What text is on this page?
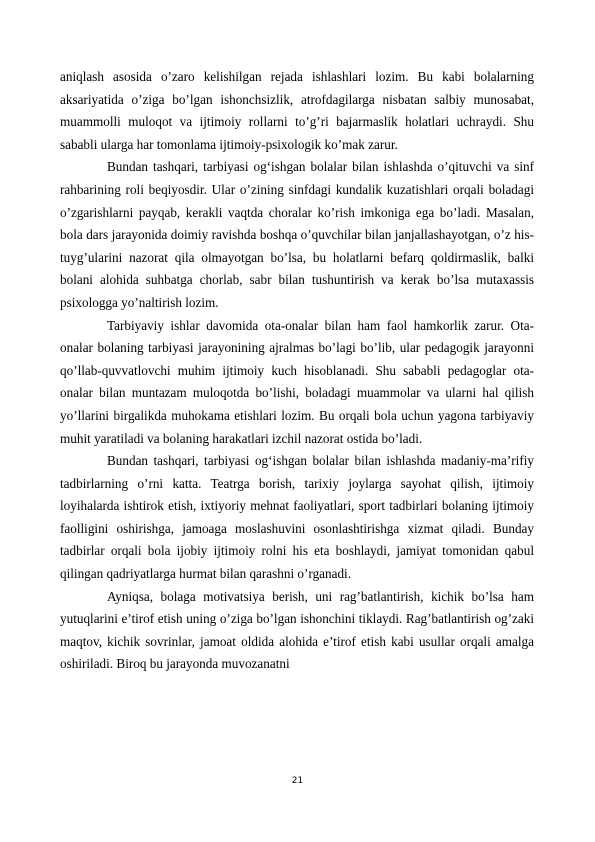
aniqlash asosida o’zaro kelishilgan rejada ishlashlari lozim. Bu kabi bolalarning aksariyatida o’ziga bo’lgan ishonchsizlik, atrofdagilarga nisbatan salbiy munosabat, muammolli muloqot va ijtimoiy rollarni to’g’ri bajarmaslik holatlari uchraydi. Shu sababli ularga har tomonlama ijtimoiy-psixologik ko’mak zarur.

Bundan tashqari, tarbiyasi og‘ishgan bolalar bilan ishlashda o’qituvchi va sinf rahbarining roli beqiyosdir. Ular o’zining sinfdagi kundalik kuzatishlari orqali boladagi o’zgarishlarni payqab, kerakli vaqtda choralar ko’rish imkoniga ega bo’ladi. Masalan, bola dars jarayonida doimiy ravishda boshqa o’quvchilar bilan janjallashayotgan, o’z his-tuyg’ularini nazorat qila olmayotgan bo’lsa, bu holatlarni befarq qoldirmaslik, balki bolani alohida suhbatga chorlab, sabr bilan tushuntirish va kerak bo’lsa mutaxassis psixologga yo’naltirish lozim.

Tarbiyaviy ishlar davomida ota-onalar bilan ham faol hamkorlik zarur. Ota-onalar bolaning tarbiyasi jarayonining ajralmas bo’lagi bo’lib, ular pedagogik jarayonni qo’llab-quvvatlovchi muhim ijtimoiy kuch hisoblanadi. Shu sababli pedagoglar ota-onalar bilan muntazam muloqotda bo’lishi, boladagi muammolar va ularni hal qilish yo’llarini birgalikda muhokama etishlari lozim. Bu orqali bola uchun yagona tarbiyaviy muhit yaratiladi va bolaning harakatlari izchil nazorat ostida bo’ladi.

Bundan tashqari, tarbiyasi og‘ishgan bolalar bilan ishlashda madaniy-ma’rifiy tadbirlarning o’rni katta. Teatrga borish, tarixiy joylarga sayohat qilish, ijtimoiy loyihalarda ishtirok etish, ixtiyoriy mehnat faoliyatlari, sport tadbirlari bolaning ijtimoiy faolligini oshirishga, jamoaga moslashuvini osonlashtirishga xizmat qiladi. Bunday tadbirlar orqali bola ijobiy ijtimoiy rolni his eta boshlaydi, jamiyat tomonidan qabul qilingan qadriyatlarga hurmat bilan qarashni o’rganadi.

Ayniqsa, bolaga motivatsiya berish, uni rag’batlantirish, kichik bo’lsa ham yutuqlarini e’tirof etish uning o’ziga bo’lgan ishonchini tiklaydi. Rag’batlantirish og’zaki maqtov, kichik sovrinlar, jamoat oldida alohida e’tirof etish kabi usullar orqali amalga oshiriladi. Biroq bu jarayonda muvozanatni

21
